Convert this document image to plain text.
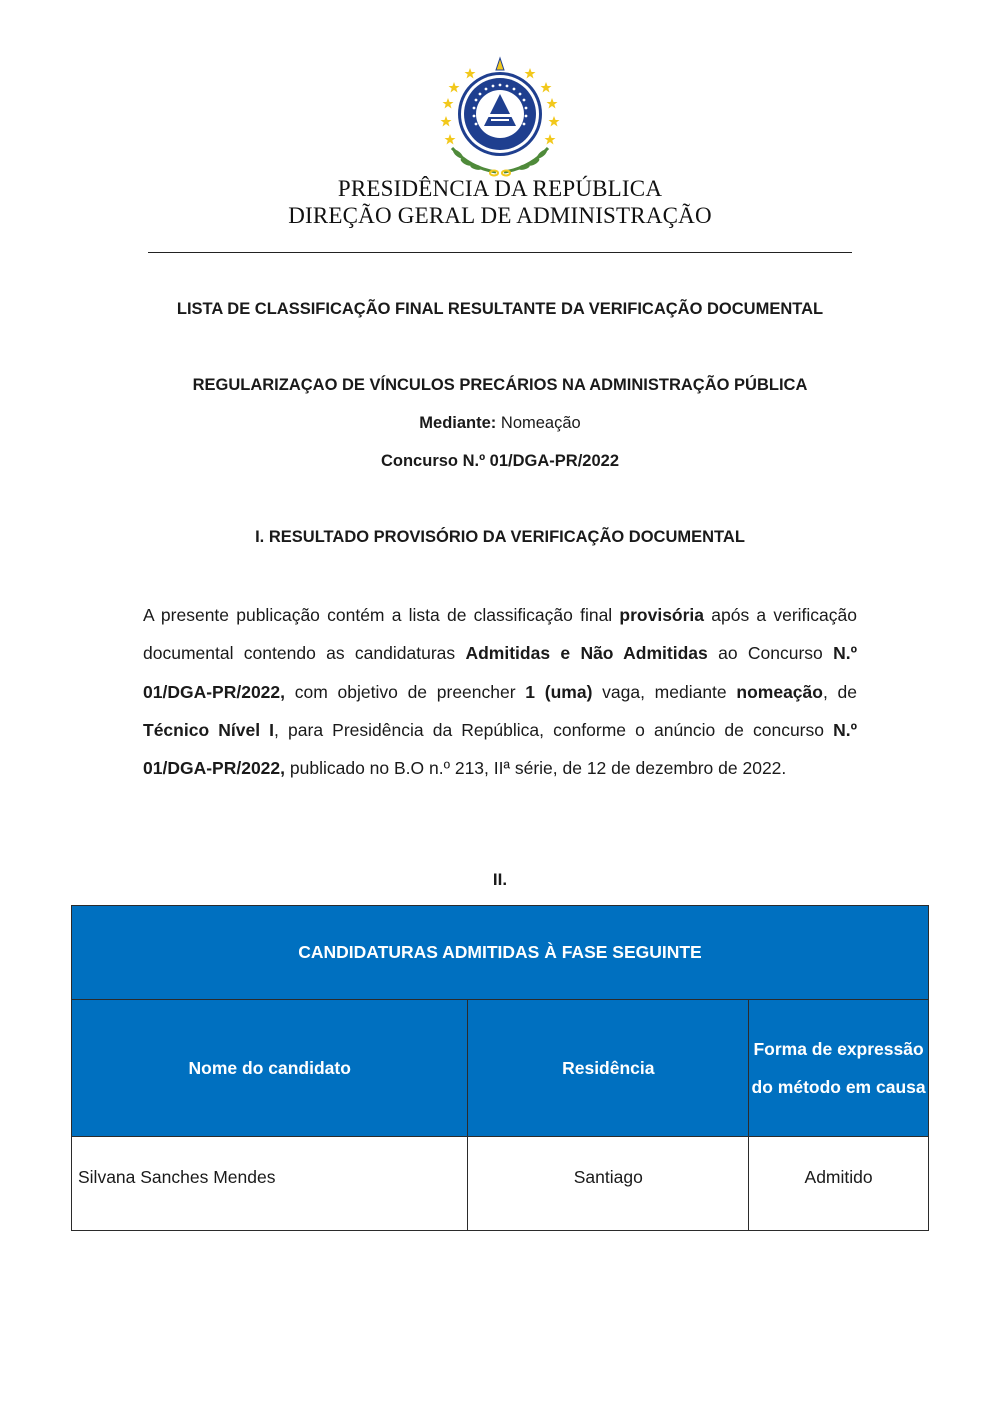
PRESIDÊNCIA DA REPÚBLICA
DIREÇÃO GERAL DE ADMINISTRAÇÃO
LISTA DE CLASSIFICAÇÃO FINAL RESULTANTE DA VERIFICAÇÃO DOCUMENTAL
REGULARIZAÇAO DE VÍNCULOS PRECÁRIOS NA ADMINISTRAÇÃO PÚBLICA
Mediante: Nomeação
Concurso N.º 01/DGA-PR/2022
I. RESULTADO PROVISÓRIO DA VERIFICAÇÃO DOCUMENTAL
A presente publicação contém a lista de classificação final provisória após a verificação documental contendo as candidaturas Admitidas e Não Admitidas ao Concurso N.º 01/DGA-PR/2022, com objetivo de preencher 1 (uma) vaga, mediante nomeação, de Técnico Nível I, para Presidência da República, conforme o anúncio de concurso N.º 01/DGA-PR/2022, publicado no B.O n.º 213, IIª série, de 12 de dezembro de 2022.
II.
CANDIDATURAS ADMITIDAS À FASE SEGUINTE		
Nome do candidato	Residência	Forma de expressão do método em causa
Silvana Sanches Mendes	Santiago	Admitido
